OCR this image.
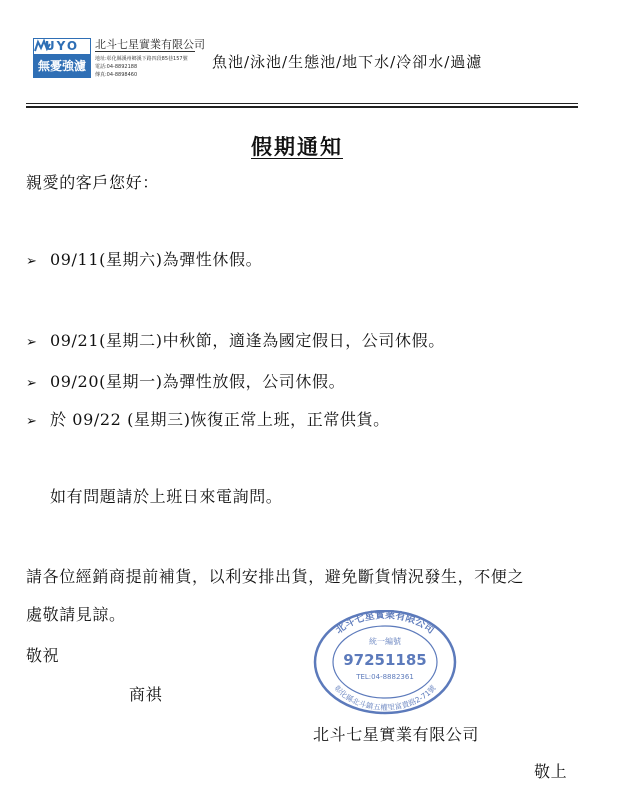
UYO
無憂強濾
北斗七星實業有限公司
地址:彰化縣溪州鄉溪下路四段85巷157號
電話:04-8892188
傳真:04-8898460
魚池/泳池/生態池/地下水/冷卻水/過濾
假期通知
親愛的客戶您好：
➢ 09/11(星期六)為彈性休假。
➢ 09/21(星期二)中秋節，適逢為國定假日，公司休假。
➢ 09/20(星期一)為彈性放假，公司休假。
➢ 於 09/22 (星期三)恢復正常上班，正常供貨。
如有問題請於上班日來電詢問。
請各位經銷商提前補貨，以利安排出貨，避免斷貨情況發生，不便之
處敬請見諒。
敬祝
商祺
北斗七星實業有限公司
統一編號
97251185
TEL:04-8882361
彰化縣北斗鎮五權里富貴路2-71號
北斗七星實業有限公司
敬上
